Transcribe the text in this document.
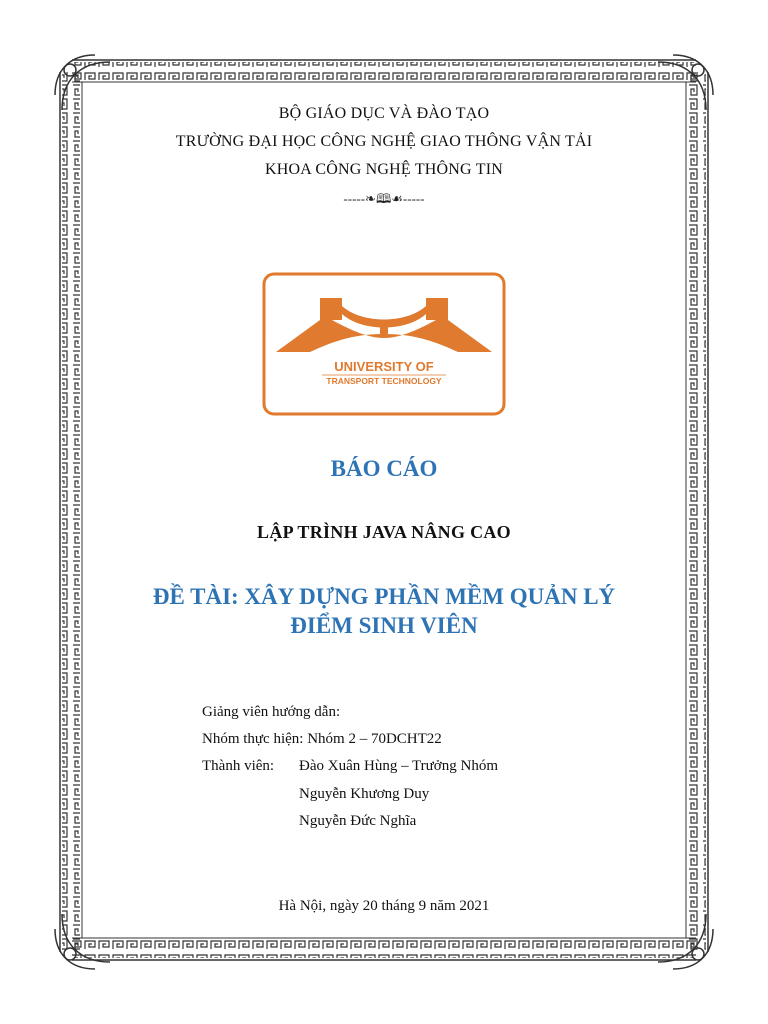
BỘ GIÁO DỤC VÀ ĐÀO TẠO
TRƯỜNG ĐẠI HỌC CÔNG NGHỆ GIAO THÔNG VẬN TẢI
KHOA CÔNG NGHỆ THÔNG TIN
-----❧🕮☙-----
UNIVERSITY OF
TRANSPORT TECHNOLOGY
BÁO CÁO
LẬP TRÌNH JAVA NÂNG CAO
ĐỀ TÀI: XÂY DỰNG PHẦN MỀM QUẢN LÝ
ĐIỂM SINH VIÊN
Giảng viên hướng dẫn:
Nhóm thực hiện: Nhóm 2 – 70DCHT22
Thành viên: Đào Xuân Hùng – Trưởng Nhóm
Nguyễn Khương Duy
Nguyễn Đức Nghĩa
Hà Nội, ngày 20 tháng 9 năm 2021
